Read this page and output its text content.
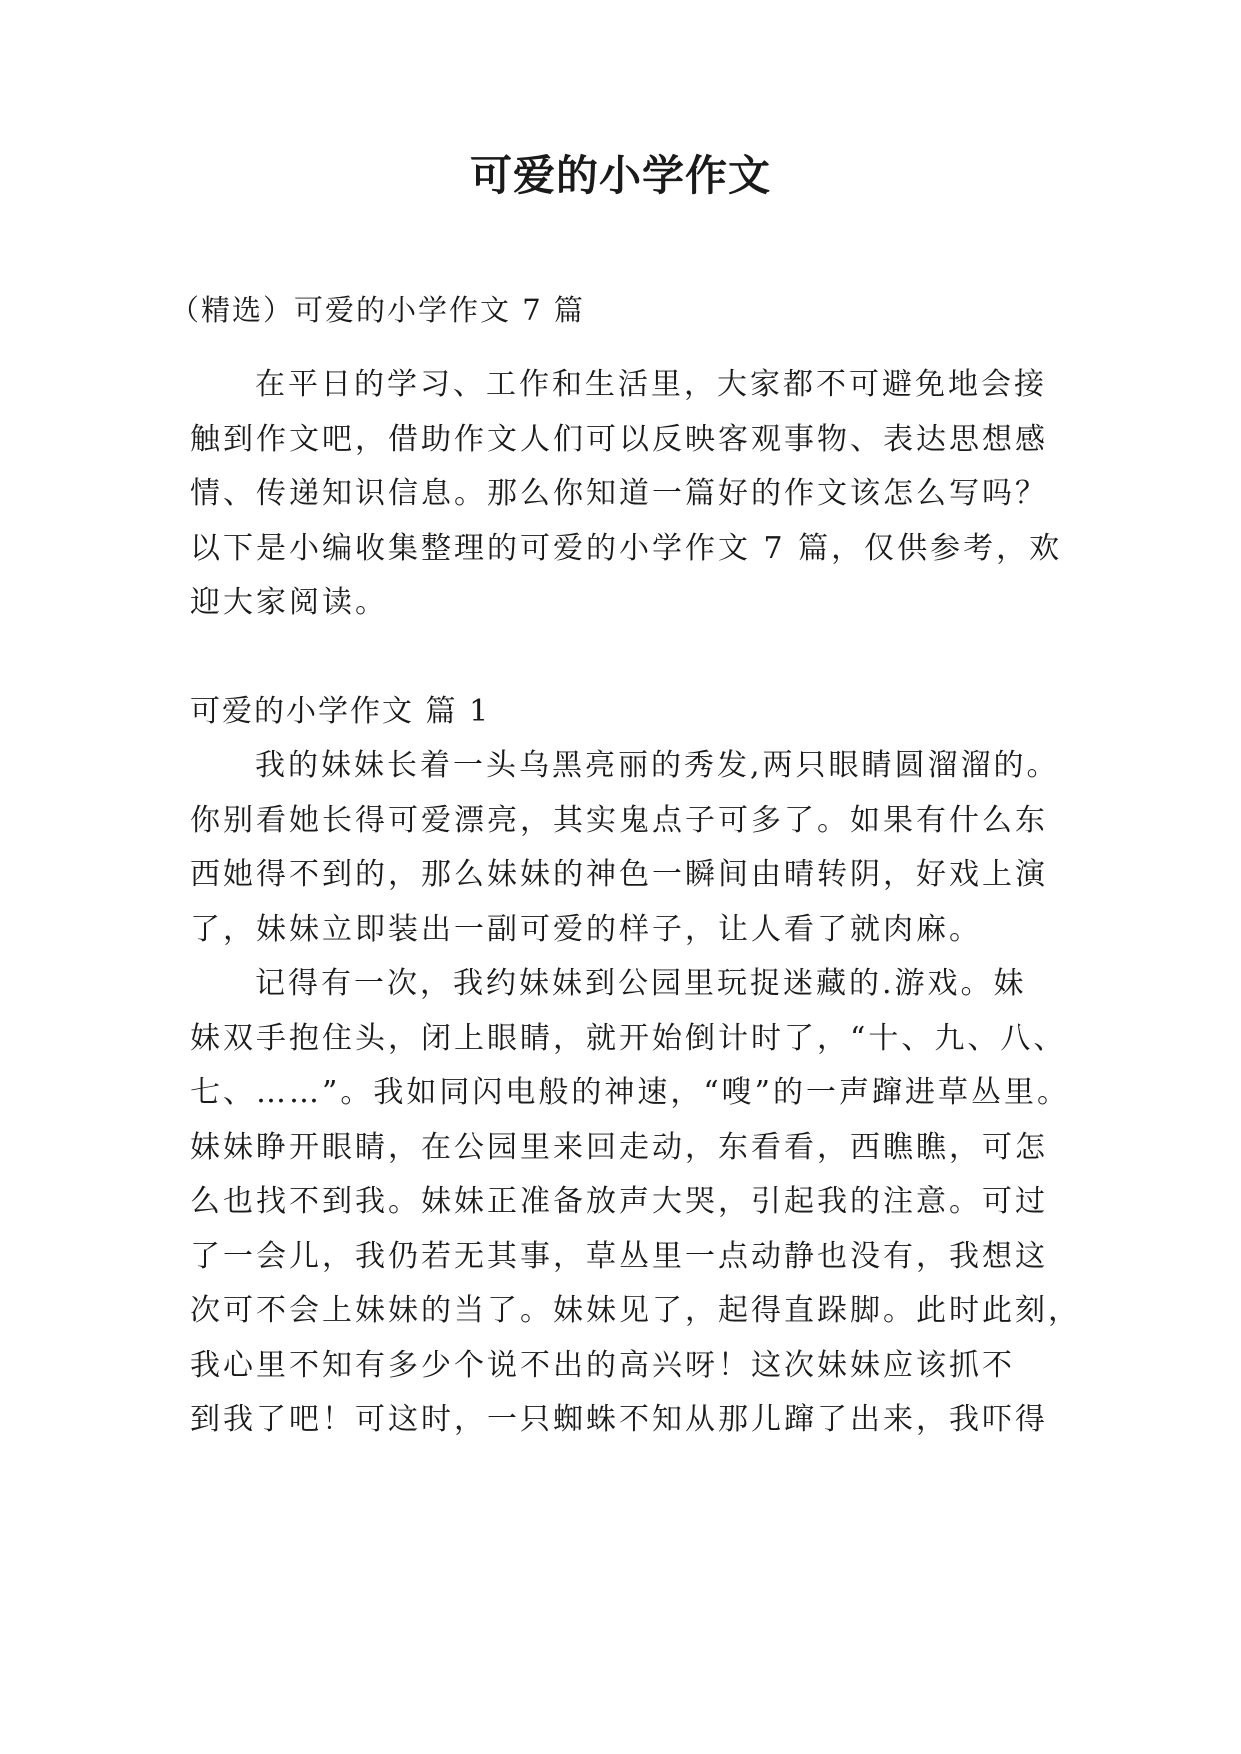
可爱的小学作文
（精选）可爱的小学作文 7 篇
在平日的学习、工作和生活里，大家都不可避免地会接
触到作文吧，借助作文人们可以反映客观事物、表达思想感
情、传递知识信息。那么你知道一篇好的作文该怎么写吗？
以下是小编收集整理的可爱的小学作文 7 篇，仅供参考，欢
迎大家阅读。
可爱的小学作文 篇 1
我的妹妹长着一头乌黑亮丽的秀发,两只眼睛圆溜溜的。
你别看她长得可爱漂亮，其实鬼点子可多了。如果有什么东
西她得不到的，那么妹妹的神色一瞬间由晴转阴，好戏上演
了，妹妹立即装出一副可爱的样子，让人看了就肉麻。
记得有一次，我约妹妹到公园里玩捉迷藏的.游戏。妹
妹双手抱住头，闭上眼睛，就开始倒计时了，“十、九、八、
七、……”。我如同闪电般的神速，“嗖”的一声蹿进草丛里。
妹妹睁开眼睛，在公园里来回走动，东看看，西瞧瞧，可怎
么也找不到我。妹妹正准备放声大哭，引起我的注意。可过
了一会儿，我仍若无其事，草丛里一点动静也没有，我想这
次可不会上妹妹的当了。妹妹见了，起得直跺脚。此时此刻，
我心里不知有多少个说不出的高兴呀！这次妹妹应该抓不
到我了吧！可这时，一只蜘蛛不知从那儿蹿了出来，我吓得
